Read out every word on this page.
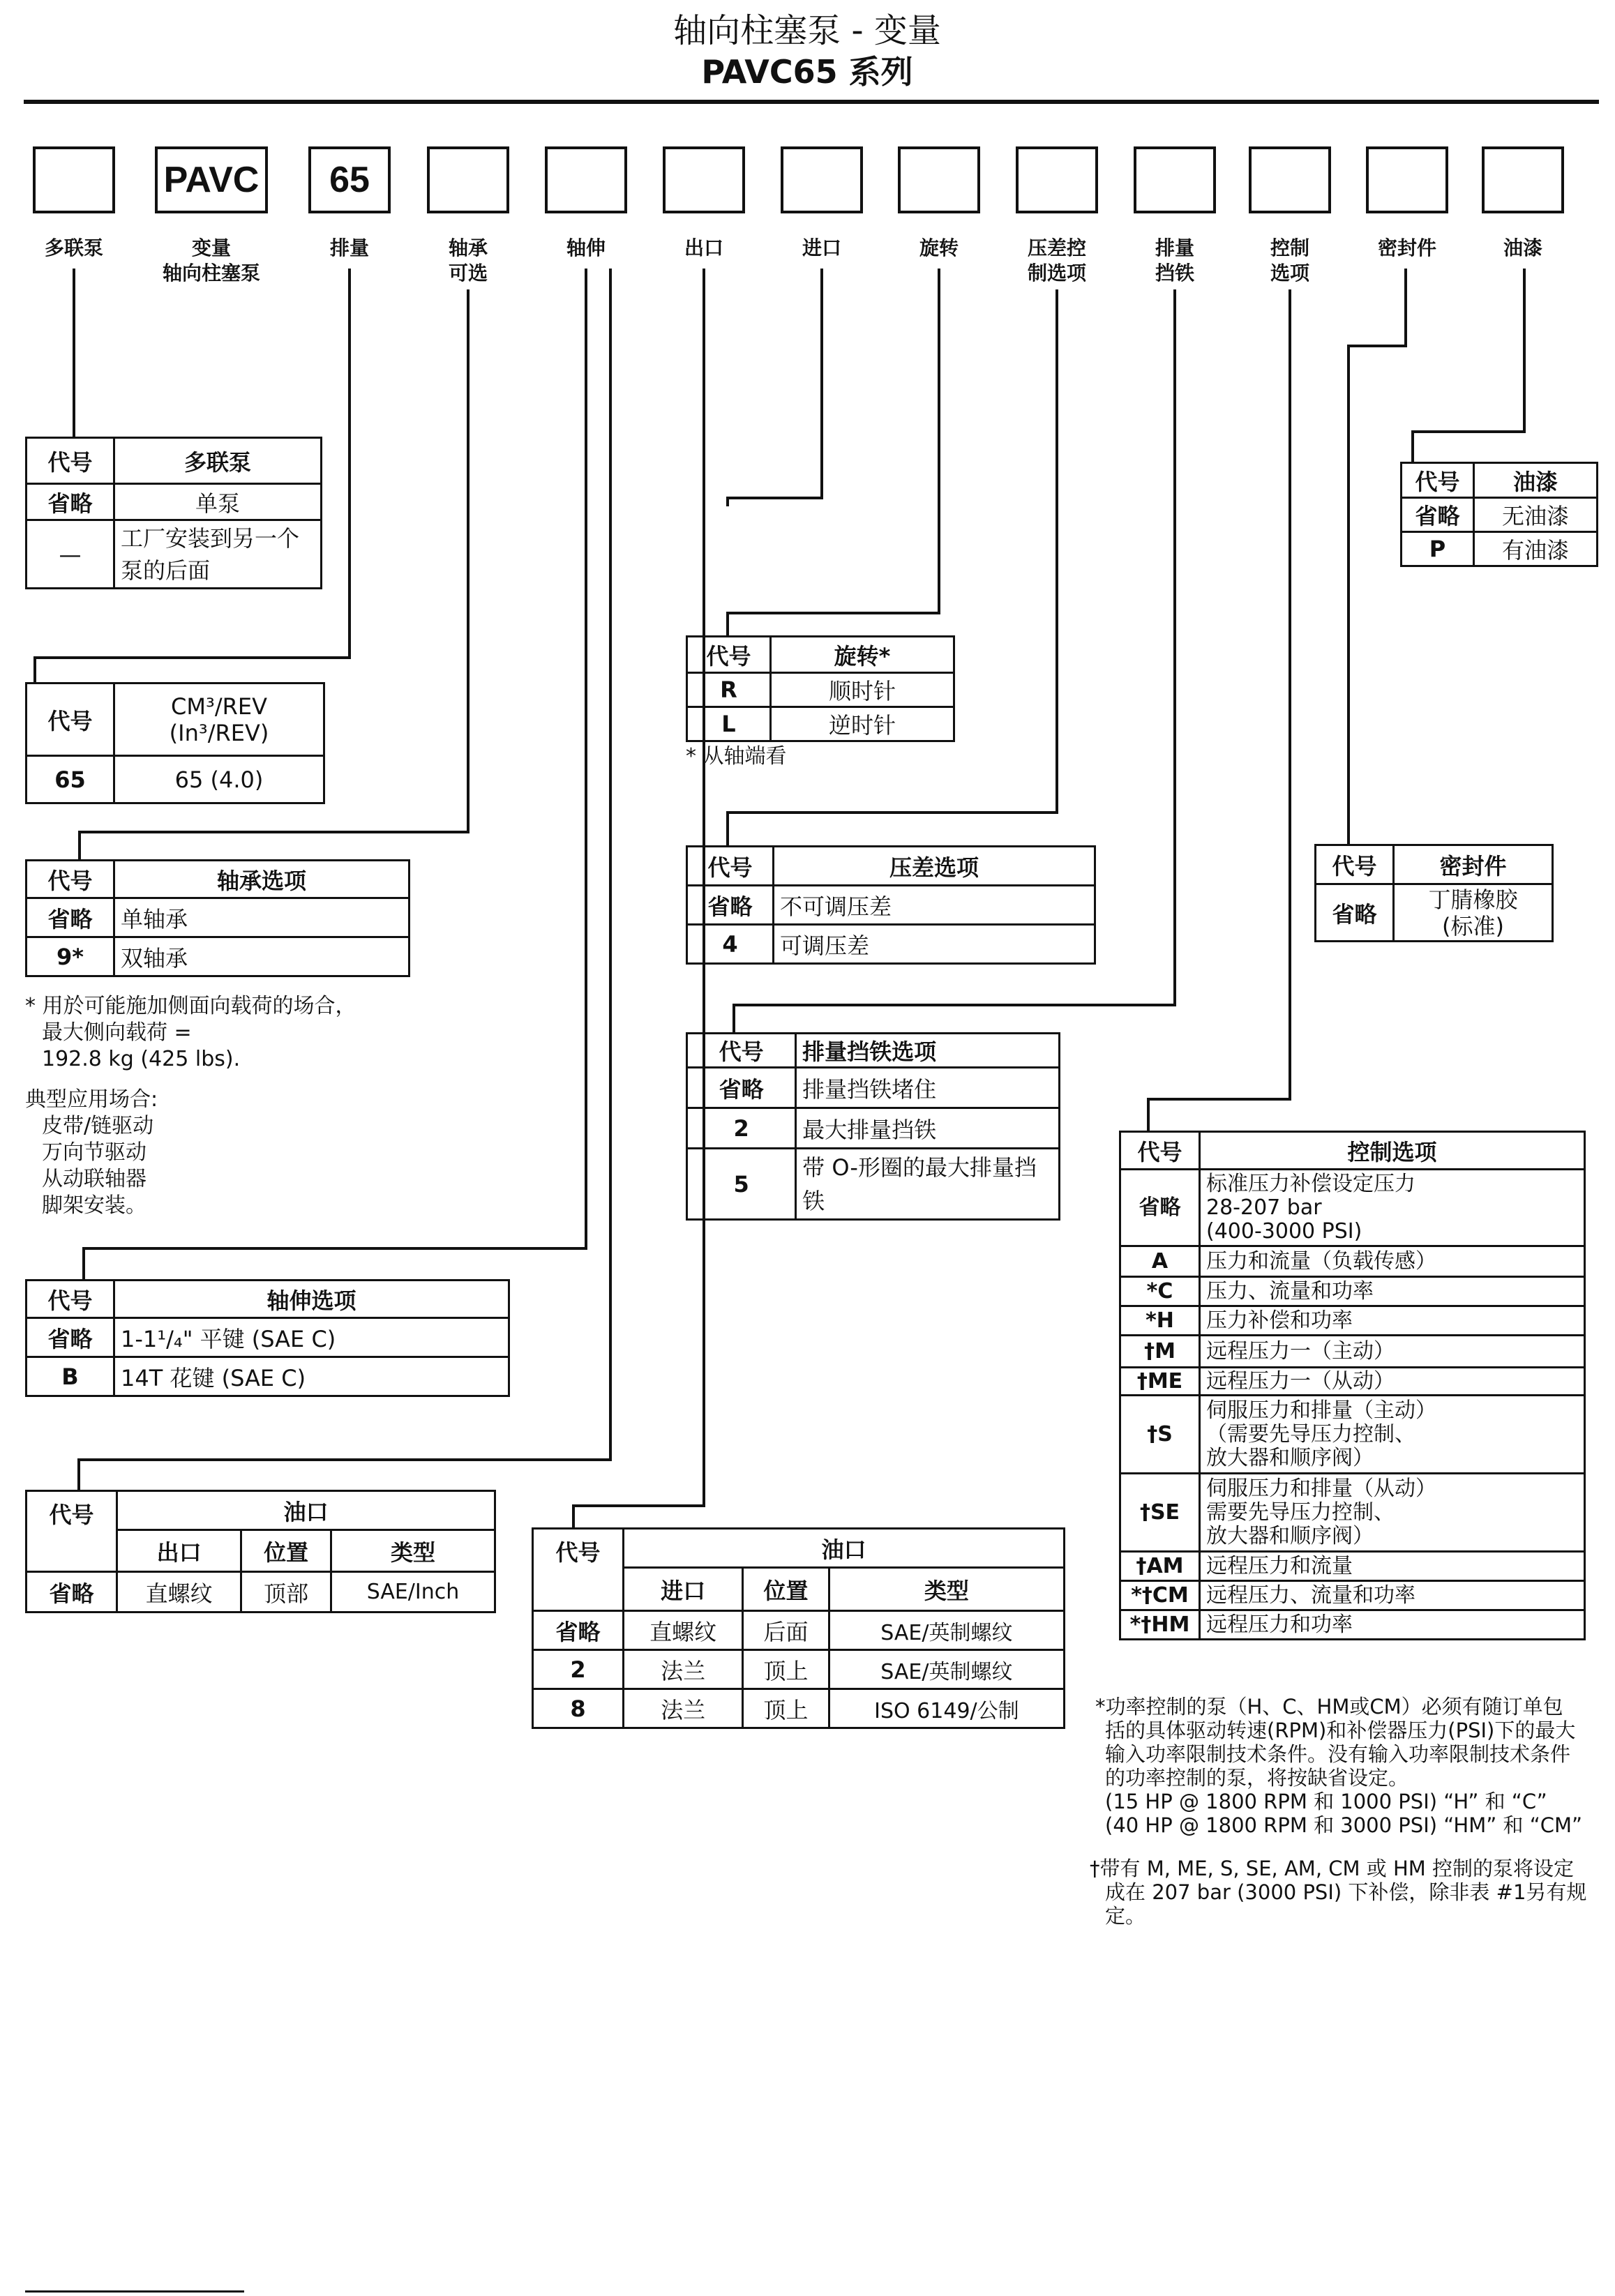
轴向柱塞泵 - 变量
PAVC65 系列
PAVC	65
多联泵	变量
轴向柱塞泵
排量	轴承
可选
轴伸	出口	进口	旋转	压差控
制选项
排量
挡铁
控制
选项
密封件	油漆
代号	多联泵
省略	单泵
—	工厂安装到另一个泵的后面
代号	CM³/REV
(In³/REV)

65	65 (4.0)
代号	轴承选项
省略	单轴承
9*	双轴承
* 用於可能施加侧面向载荷的场合，
最大侧向载荷 =
192.8 kg (425 lbs).
典型应用场合:
皮带/链驱动
万向节驱动
从动联轴器
脚架安装。
代号	轴伸选项
省略	1-1¹/₄" 平键 (SAE C)
B	14T 花键 (SAE C)
代号	油口		
	出口	位置	类型
省略	直螺纹	顶部	SAE/Inch
代号	油口		
	进口	位置	类型
省略	直螺纹	后面	SAE/英制螺纹
2	法兰	顶上	SAE/英制螺纹
8	法兰	顶上	ISO 6149/公制
代号	旋转*
R	顺时针
L	逆时针
* 从轴端看
代号	压差选项
省略	不可调压差
4	可调压差
代号	排量挡铁选项
省略	排量挡铁堵住
2	最大排量挡铁
5	带 O-形圈的最大排量挡铁
代号	密封件
省略	丁腈橡胶
(标准)
代号	油漆
省略	无油漆
P	有油漆
代号	控制选项
省略	标准压力补偿设定压力
28-207 bar
(400-3000 PSI)

A	压力和流量（负载传感）
*C	压力、流量和功率
*H	压力补偿和功率
†M	远程压力一（主动）
†ME	远程压力一（从动）
†S	伺服压力和排量（主动）
（需要先导压力控制、
放大器和顺序阀）

†SE	伺服压力和排量（从动）
需要先导压力控制、
放大器和顺序阀）

†AM	远程压力和流量
*†CM	远程压力、流量和功率
*†HM	远程压力和功率
*功率控制的泵（H、C、HM或CM）必须有随订单包
括的具体驱动转速(RPM)和补偿器压力(PSI)下的最大
输入功率限制技术条件。没有输入功率限制技术条件
的功率控制的泵，将按缺省设定。
(15 HP @ 1800 RPM 和 1000 PSI) “H” 和 “C”
(40 HP @ 1800 RPM 和 3000 PSI) “HM” 和 “CM”
†带有 M, ME, S, SE, AM, CM 或 HM 控制的泵将设定
成在 207 bar (3000 PSI) 下补偿，除非表 #1另有规
定。
